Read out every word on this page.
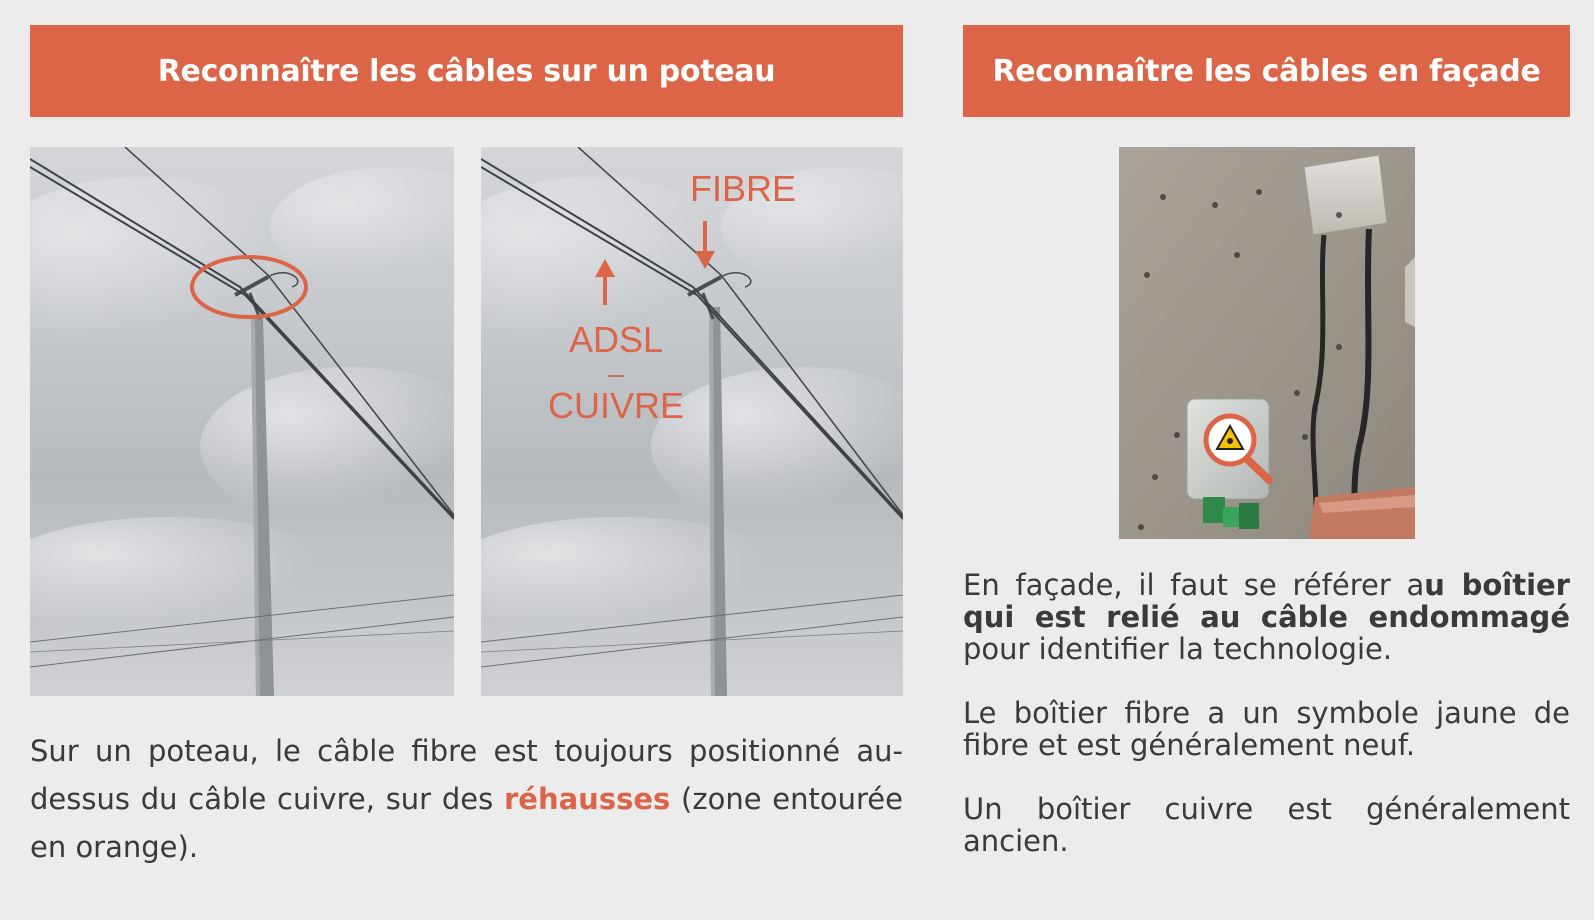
Reconnaître les câbles sur un poteau	Reconnaître les câbles en façade
FIBRE
ADSL
–
CUIVRE

Sur un poteau, le câble fibre est toujours positionné au-dessus du câble cuivre, sur des réhausses (zone entourée en orange).

En façade, il faut se référer au boîtier qui est relié au câble endommagé pour identifier la technologie.

Le boîtier fibre a un symbole jaune de fibre et est généralement neuf.

Un boîtier cuivre est généralement ancien.
